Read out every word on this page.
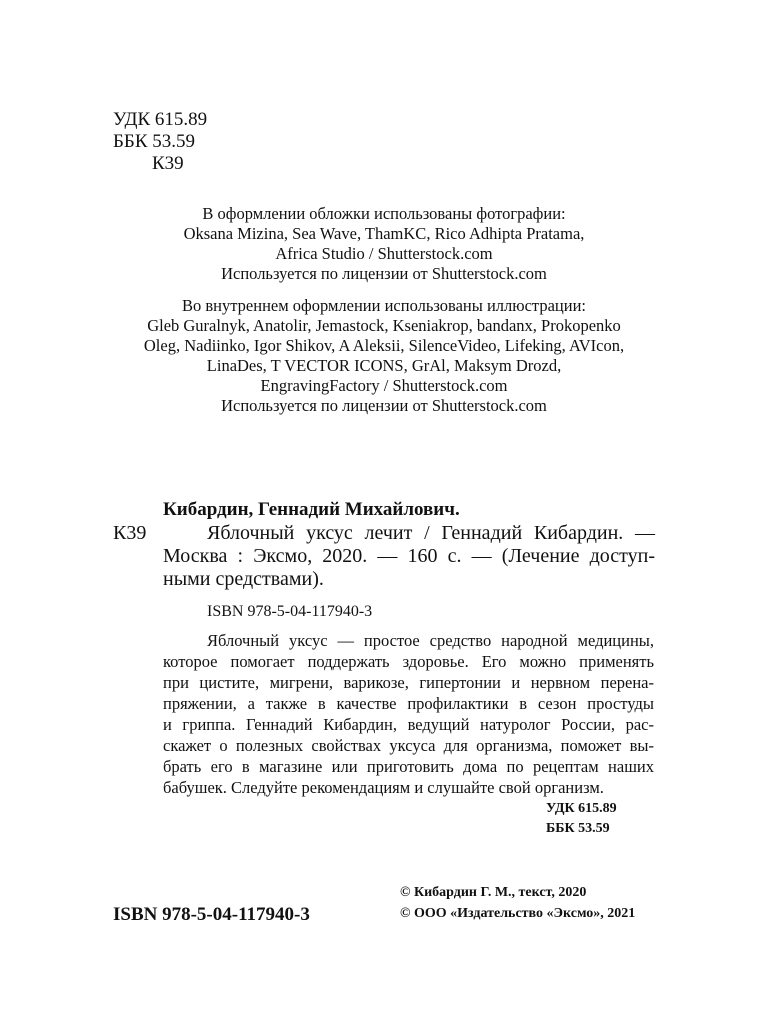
УДК 615.89
ББК 53.59
К39
В оформлении обложки использованы фотографии:
Oksana Mizina, Sea Wave, ThamKC, Rico Adhipta Pratama,
Africa Studio / Shutterstock.com
Используется по лицензии от Shutterstock.com
Во внутреннем оформлении использованы иллюстрации:
Gleb Guralnyk, Anatolir, Jemastock, Kseniakrop, bandanx, Prokopenko
Oleg, Nadiinko, Igor Shikov, A Aleksii, SilenceVideo, Lifeking, AVIcon,
LinaDes, T VECTOR ICONS, GrAl, Maksym Drozd,
EngravingFactory / Shutterstock.com
Используется по лицензии от Shutterstock.com
Кибардин, Геннадий Михайлович.
К39	Яблочный уксус лечит / Геннадий Кибардин. —
Москва : Эксмо, 2020. — 160 с. — (Лечение доступ-
ными средствами).
ISBN 978-5-04-117940-3
Яблочный уксус — простое средство народной медицины,
которое помогает поддержать здоровье. Его можно применять
при цистите, мигрени, варикозе, гипертонии и нервном перена-
пряжении, а также в качестве профилактики в сезон простуды
и гриппа. Геннадий Кибардин, ведущий натуролог России, рас-
скажет о полезных свойствах уксуса для организма, поможет вы-
брать его в магазине или приготовить дома по рецептам наших
бабушек. Следуйте рекомендациям и слушайте свой организм.
УДК 615.89
ББК 53.59
ISBN 978-5-04-117940-3
© Кибардин Г. М., текст, 2020
© ООО «Издательство «Эксмо», 2021
